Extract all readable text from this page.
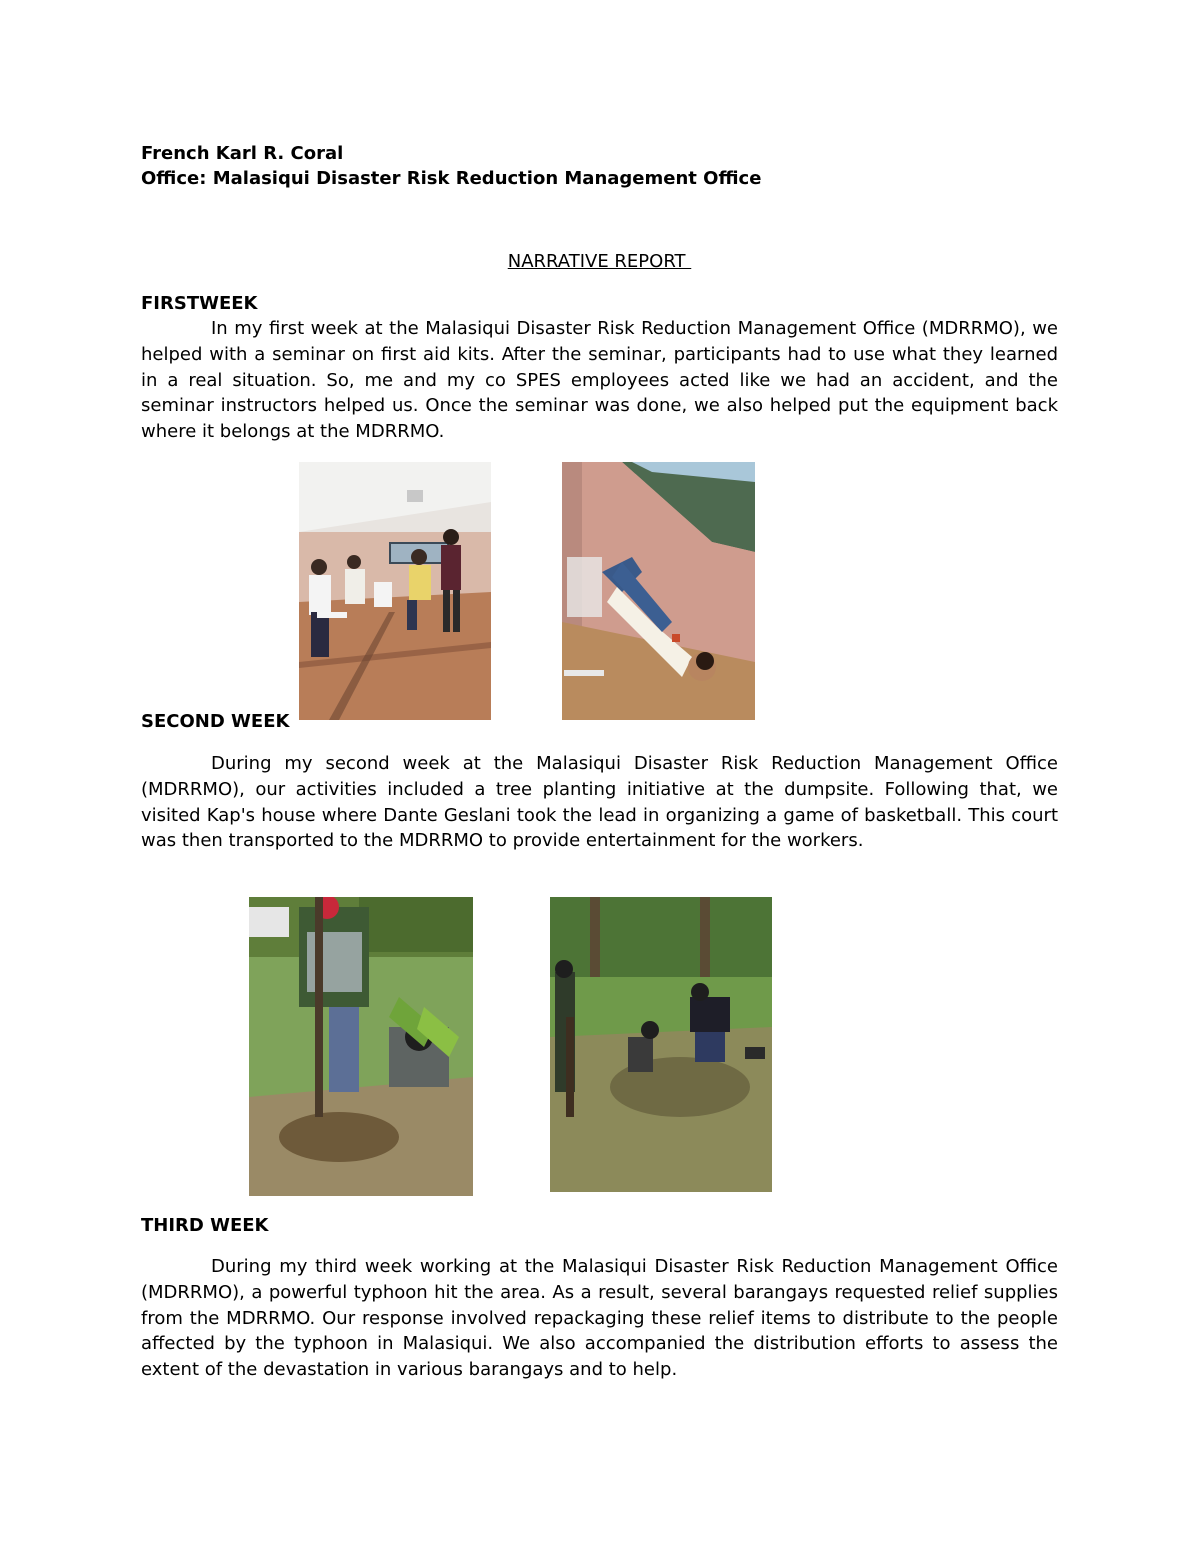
French Karl R. Coral
Office: Malasiqui Disaster Risk Reduction Management Office
NARRATIVE REPORT
FIRSTWEEK

In my first week at the Malasiqui Disaster Risk Reduction Management Office (MDRRMO), we helped with a seminar on first aid kits. After the seminar, participants had to use what they learned in a real situation. So, me and my co SPES employees acted like we had an accident, and the seminar instructors helped us. Once the seminar was done, we also helped put the equipment back where it belongs at the MDRRMO.

SECOND WEEK

During my second week at the Malasiqui Disaster Risk Reduction Management Office (MDRRMO), our activities included a tree planting initiative at the dumpsite. Following that, we visited Kap's house where Dante Geslani took the lead in organizing a game of basketball. This court was then transported to the MDRRMO to provide entertainment for the workers.

THIRD WEEK

During my third week working at the Malasiqui Disaster Risk Reduction Management Office (MDRRMO), a powerful typhoon hit the area. As a result, several barangays requested relief supplies from the MDRRMO. Our response involved repackaging these relief items to distribute to the people affected by the typhoon in Malasiqui. We also accompanied the distribution efforts to assess the extent of the devastation in various barangays and to help.
